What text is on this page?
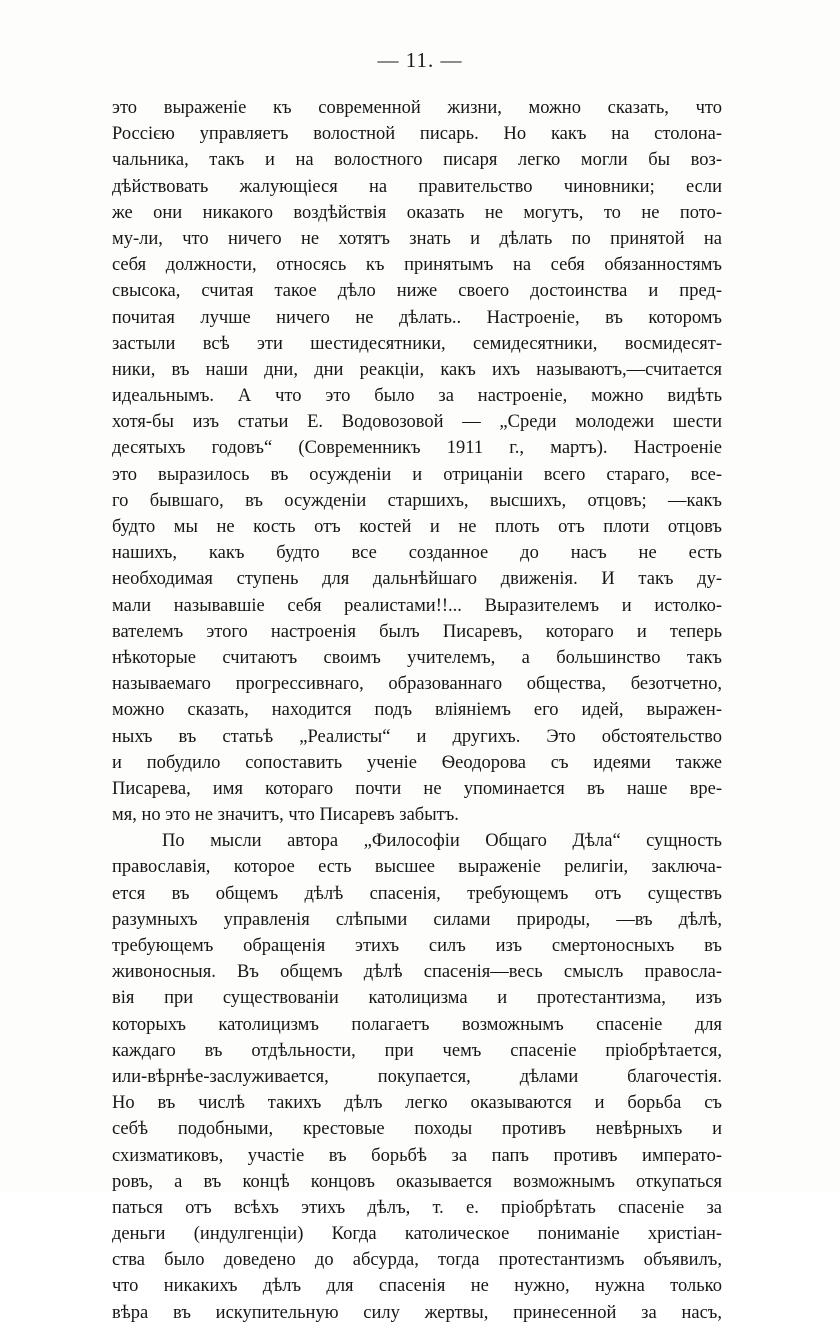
— 11. —
это выраженіе къ современной жизни, можно сказать, что
Россією управляетъ волостной писарь. Но какъ на столона-
чальника, такъ и на волостного писаря легко могли бы воз-
дѣйствовать жалующіеся на правительство чиновники; если
же они никакого воздѣйствія оказать не могутъ, то не пото-
му-ли, что ничего не хотятъ знать и дѣлать по принятой на
себя должности, относясь къ принятымъ на себя обязанностямъ
свысока, считая такое дѣло ниже своего достоинства и пред-
почитая лучше ничего не дѣлать.. Настроеніе, въ которомъ
застыли всѣ эти шестидесятники, семидесятники, восмидесят-
ники, въ наши дни, дни реакціи, какъ ихъ называютъ,—считается
идеальнымъ. А что это было за настроеніе, можно видѣть
хотя-бы изъ статьи Е. Водовозовой — „Среди молодежи шести
десятыхъ годовъ“ (Современникъ 1911 г., мартъ). Настроеніе
это выразилось въ осужденіи и отрицаніи всего стараго, все-
го бывшаго, въ осужденіи старшихъ, высшихъ, отцовъ; —какъ
будто мы не кость отъ костей и не плоть отъ плоти отцовъ
нашихъ, какъ будто все созданное до насъ не есть
необходимая ступень для дальнѣйшаго движенія. И такъ ду-
мали называвшіе себя реалистами!!... Выразителемъ и истолко-
вателемъ этого настроенія былъ Писаревъ, котораго и теперь
нѣкоторые считаютъ своимъ учителемъ, а большинство такъ
называемаго прогрессивнаго, образованнаго общества, безотчетно,
можно сказать, находится подъ вліяніемъ его идей, выражен-
ныхъ въ статьѣ „Реалисты“ и другихъ. Это обстоятельство
и побудило сопоставить ученіе Ѳеодорова съ идеями также
Писарева, имя котораго почти не упоминается въ наше вре-
мя, но это не значитъ, что Писаревъ забытъ.
По мысли автора „Философіи Общаго Дѣла“ сущность
православія, которое есть высшее выраженіе религіи, заключа-
ется въ общемъ дѣлѣ спасенія, требующемъ отъ существъ
разумныхъ управленія слѣпыми силами природы, —въ дѣлѣ,
требующемъ обращенія этихъ силъ изъ смертоносныхъ въ
живоносныя. Въ общемъ дѣлѣ спасенія—весь смыслъ правосла-
вія при существованіи католицизма и протестантизма, изъ
которыхъ католицизмъ полагаетъ возможнымъ спасеніе для
каждаго въ отдѣльности, при чемъ спасеніе пріобрѣтается,
или-вѣрнѣе-заслуживается, покупается, дѣлами благочестія.
Но въ числѣ такихъ дѣлъ легко оказываются и борьба съ
себѣ подобными, крестовые походы противъ невѣрныхъ и
схизматиковъ, участіе въ борьбѣ за папъ противъ императо-
ровъ, а въ концѣ концовъ оказывается возможнымъ откупаться
паться отъ всѣхъ этихъ дѣлъ, т. е. пріобрѣтать спасеніе за
деньги (индулгенціи) Когда католическое пониманіе христіан-
ства было доведено до абсурда, тогда протестантизмъ объявилъ,
что никакихъ дѣлъ для спасенія не нужно, нужна только
вѣра въ искупительную силу жертвы, принесенной за насъ,
